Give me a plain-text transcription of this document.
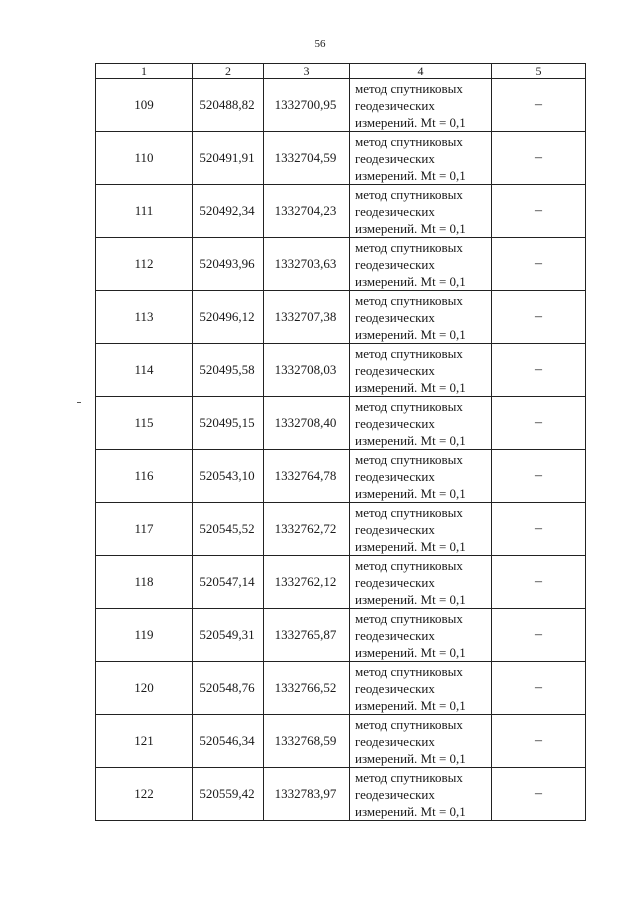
56
1	2	3	4	5
109	520488,82	1332700,95	метод спутниковых
геодезических
измерений. Mt = 0,1	–
110	520491,91	1332704,59	метод спутниковых
геодезических
измерений. Mt = 0,1	–
111	520492,34	1332704,23	метод спутниковых
геодезических
измерений. Mt = 0,1	–
112	520493,96	1332703,63	метод спутниковых
геодезических
измерений. Mt = 0,1	–
113	520496,12	1332707,38	метод спутниковых
геодезических
измерений. Mt = 0,1	–
114	520495,58	1332708,03	метод спутниковых
геодезических
измерений. Mt = 0,1	–
115	520495,15	1332708,40	метод спутниковых
геодезических
измерений. Mt = 0,1	–
116	520543,10	1332764,78	метод спутниковых
геодезических
измерений. Mt = 0,1	–
117	520545,52	1332762,72	метод спутниковых
геодезических
измерений. Mt = 0,1	–
118	520547,14	1332762,12	метод спутниковых
геодезических
измерений. Mt = 0,1	–
119	520549,31	1332765,87	метод спутниковых
геодезических
измерений. Mt = 0,1	–
120	520548,76	1332766,52	метод спутниковых
геодезических
измерений. Mt = 0,1	–
121	520546,34	1332768,59	метод спутниковых
геодезических
измерений. Mt = 0,1	–
122	520559,42	1332783,97	метод спутниковых
геодезических
измерений. Mt = 0,1	–
